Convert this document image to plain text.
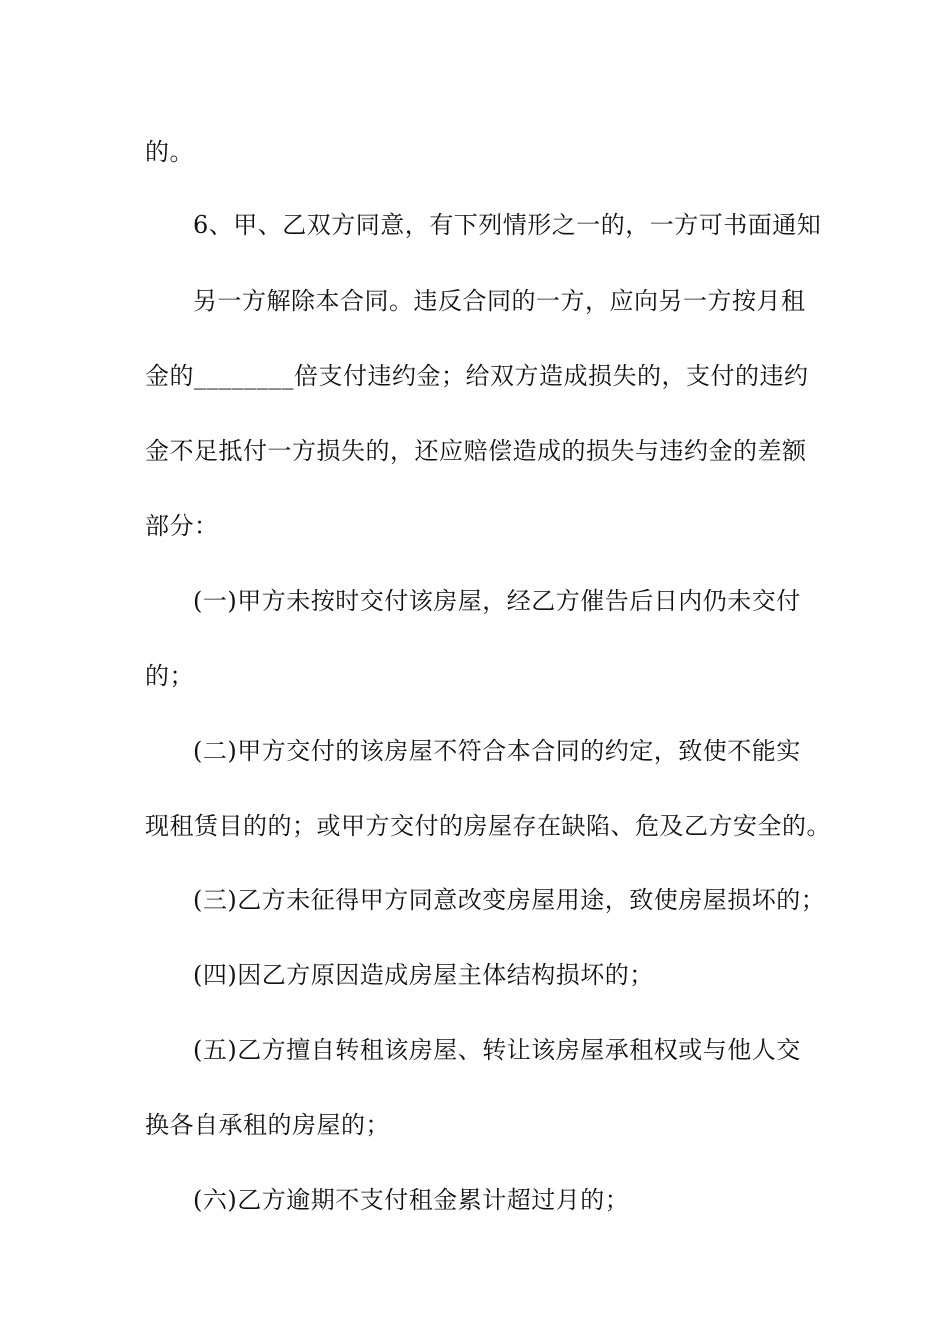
的。

6、甲、乙双方同意，有下列情形之一的，一方可书面通知

另一方解除本合同。违反合同的一方，应向另一方按月租

金的________倍支付违约金；给双方造成损失的，支付的违约

金不足抵付一方损失的，还应赔偿造成的损失与违约金的差额

部分：

(一)甲方未按时交付该房屋，经乙方催告后日内仍未交付

的；

(二)甲方交付的该房屋不符合本合同的约定，致使不能实

现租赁目的的；或甲方交付的房屋存在缺陷、危及乙方安全的。

(三)乙方未征得甲方同意改变房屋用途，致使房屋损坏的；

(四)因乙方原因造成房屋主体结构损坏的；

(五)乙方擅自转租该房屋、转让该房屋承租权或与他人交

换各自承租的房屋的；

(六)乙方逾期不支付租金累计超过月的；
